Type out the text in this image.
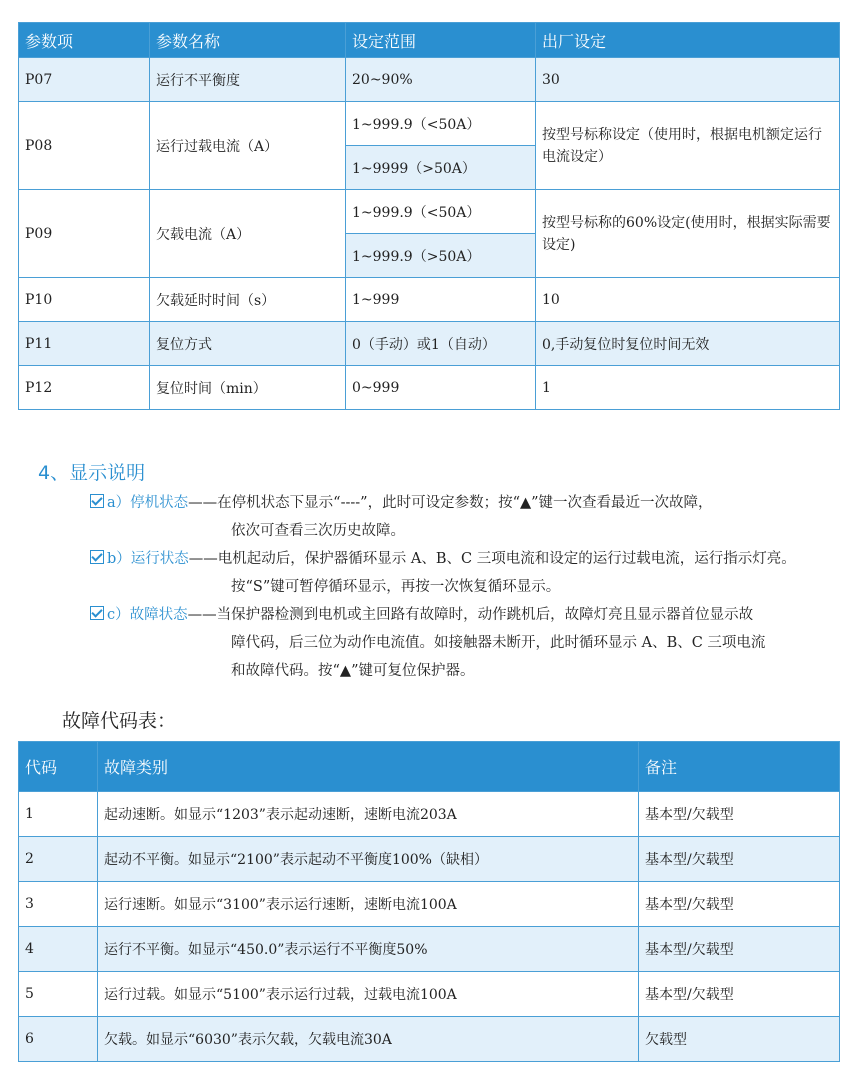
参数项	参数名称	设定范围	出厂设定
P07	运行不平衡度	20~90%	30
P08	运行过载电流（A）	1~999.9（<50A）	按型号标称设定（使用时，根据电机额定运行电流设定）
		1~9999（>50A）	
P09	欠载电流（A）	1~999.9（<50A）	按型号标称的60%设定(使用时，根据实际需要设定)
		1~999.9（>50A）	
P10	欠载延时时间（s）	1~999	10
P11	复位方式	0（手动）或1（自动）	0,手动复位时复位时间无效
P12	复位时间（min）	0~999	1
4、显示说明
a）停机状态——在停机状态下显示“----”，此时可设定参数；按“▲”键一次查看最近一次故障，
依次可查看三次历史故障。
b）运行状态——电机起动后，保护器循环显示 A、B、C 三项电流和设定的运行过载电流，运行指示灯亮。
按“S”键可暂停循环显示，再按一次恢复循环显示。
c）故障状态——当保护器检测到电机或主回路有故障时，动作跳机后，故障灯亮且显示器首位显示故
障代码，后三位为动作电流值。如接触器未断开，此时循环显示 A、B、C 三项电流
和故障代码。按“▲”键可复位保护器。
故障代码表：
代码	故障类别	备注
1	起动速断。如显示“1203”表示起动速断，速断电流203A	基本型/欠载型
2	起动不平衡。如显示“2100”表示起动不平衡度100%（缺相）	基本型/欠载型
3	运行速断。如显示“3100”表示运行速断，速断电流100A	基本型/欠载型
4	运行不平衡。如显示“450.0”表示运行不平衡度50%	基本型/欠载型
5	运行过载。如显示“5100”表示运行过载，过载电流100A	基本型/欠载型
6	欠载。如显示“6030”表示欠载，欠载电流30A	欠载型
